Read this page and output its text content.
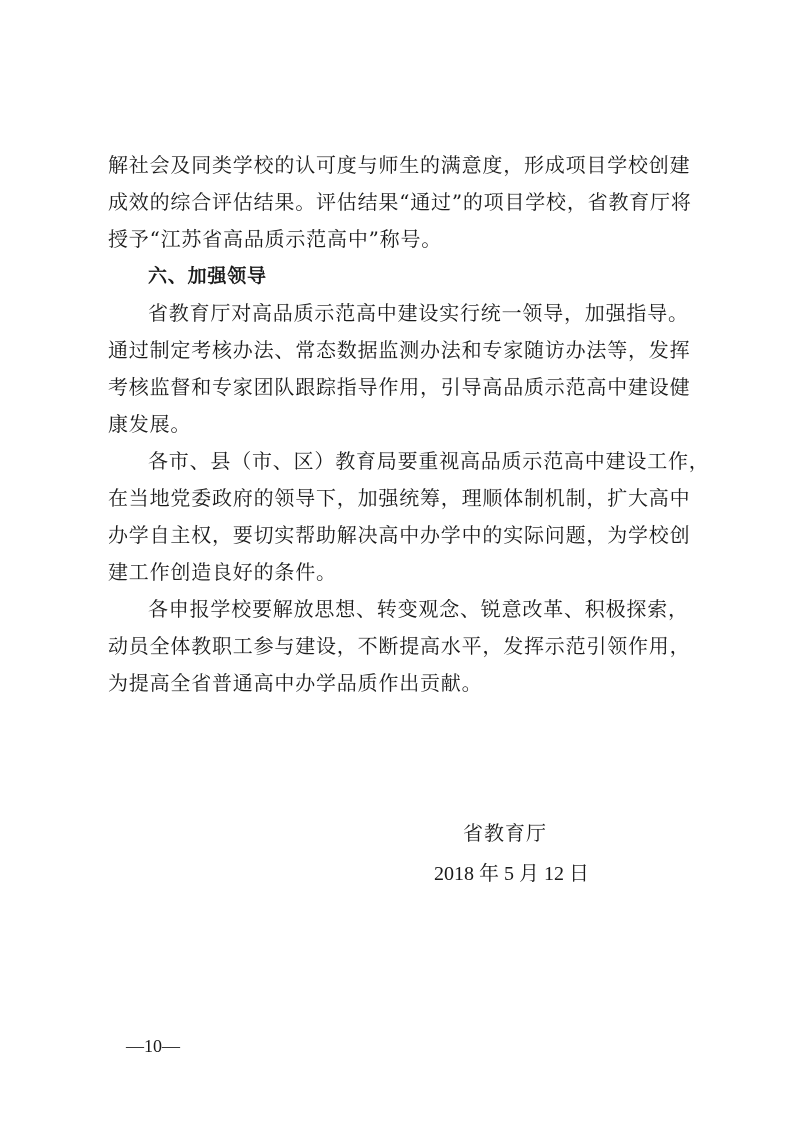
解社会及同类学校的认可度与师生的满意度，形成项目学校创建
成效的综合评估结果。评估结果“通过”的项目学校，省教育厅将
授予“江苏省高品质示范高中”称号。
六、加强领导
省教育厅对高品质示范高中建设实行统一领导，加强指导。
通过制定考核办法、常态数据监测办法和专家随访办法等，发挥
考核监督和专家团队跟踪指导作用，引导高品质示范高中建设健
康发展。
各市、县（市、区）教育局要重视高品质示范高中建设工作，
在当地党委政府的领导下，加强统筹，理顺体制机制，扩大高中
办学自主权，要切实帮助解决高中办学中的实际问题，为学校创
建工作创造良好的条件。
各申报学校要解放思想、转变观念、锐意改革、积极探索，
动员全体教职工参与建设，不断提高水平，发挥示范引领作用，
为提高全省普通高中办学品质作出贡献。
省教育厅
2018 年 5 月 12 日
—10—
